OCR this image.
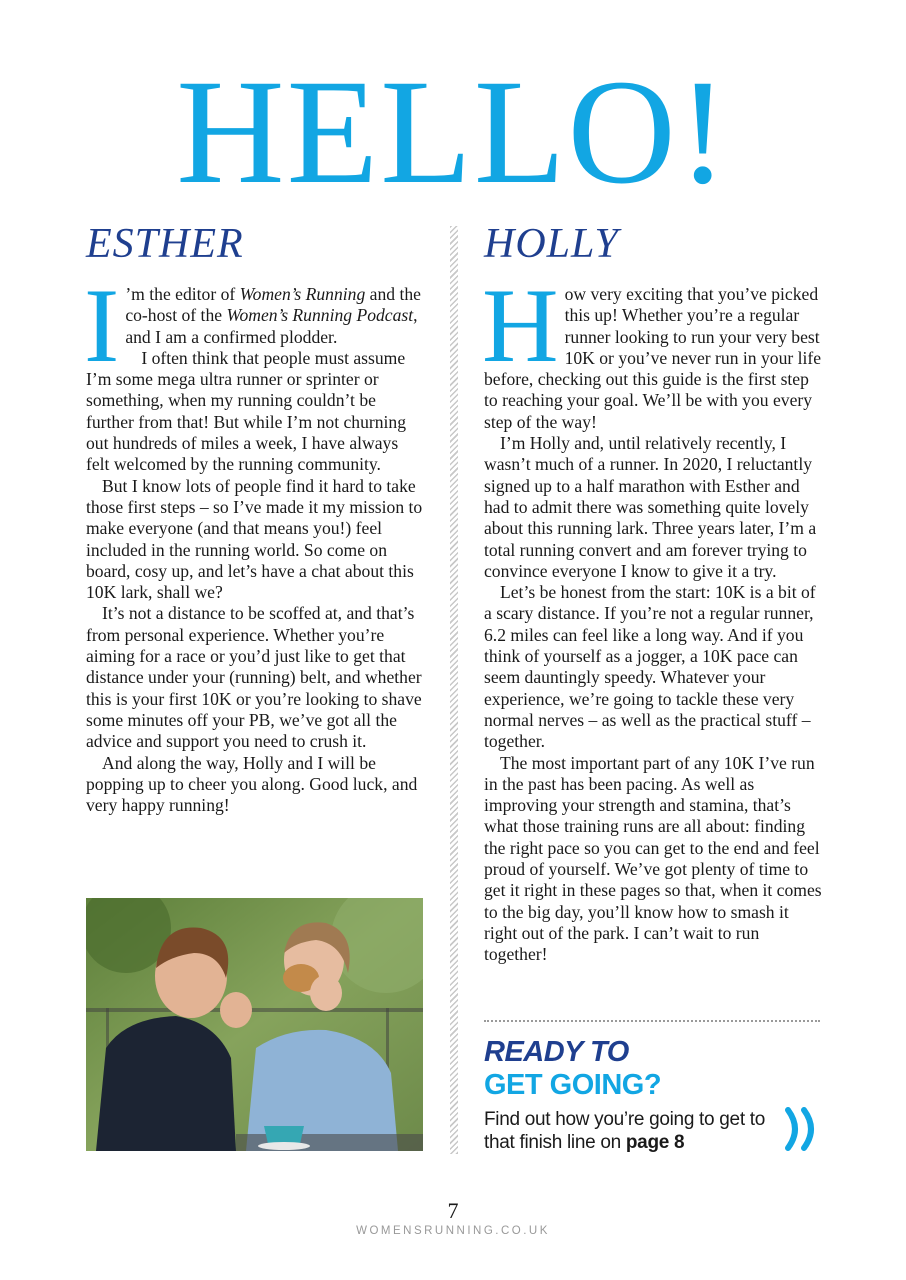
HELLO!
ESTHER	HOLLY

I ’m the editor of Women’s Running and the co-host of the Women’s Running Podcast, and I am a confirmed plodder.

I often think that people must assume I’m some mega ultra runner or sprinter or something, when my running couldn’t be further from that! But while I’m not churning out hundreds of miles a week, I have always felt welcomed by the running community.

But I know lots of people find it hard to take those first steps – so I’ve made it my mission to make everyone (and that means you!) feel included in the running world. So come on board, cosy up, and let’s have a chat about this 10K lark, shall we?

It’s not a distance to be scoffed at, and that’s from personal experience. Whether you’re aiming for a race or you’d just like to get that distance under your (running) belt, and whether this is your first 10K or you’re looking to shave some minutes off your PB, we’ve got all the advice and support you need to crush it.

And along the way, Holly and I will be popping up to cheer you along. Good luck, and very happy running!

How very exciting that you’ve picked this up! Whether you’re a regular runner looking to run your very best 10K or you’ve never run in your life before, checking out this guide is the first step to reaching your goal. We’ll be with you every step of the way!

I’m Holly and, until relatively recently, I wasn’t much of a runner. In 2020, I reluctantly signed up to a half marathon with Esther and had to admit there was something quite lovely about this running lark. Three years later, I’m a total running convert and am forever trying to convince everyone I know to give it a try.

Let’s be honest from the start: 10K is a bit of a scary distance. If you’re not a regular runner, 6.2 miles can feel like a long way. And if you think of yourself as a jogger, a 10K pace can seem dauntingly speedy. Whatever your experience, we’re going to tackle these very normal nerves – as well as the practical stuff – together.

The most important part of any 10K I’ve run in the past has been pacing. As well as improving your strength and stamina, that’s what those training runs are all about: finding the right pace so you can get to the end and feel proud of yourself. We’ve got plenty of time to get it right in these pages so that, when it comes to the big day, you’ll know how to smash it right out of the park. I can’t wait to run together!

READY TO
GET GOING?
Find out how you’re going to get to that finish line on page 8
7
WOMENSRUNNING.CO.UK
